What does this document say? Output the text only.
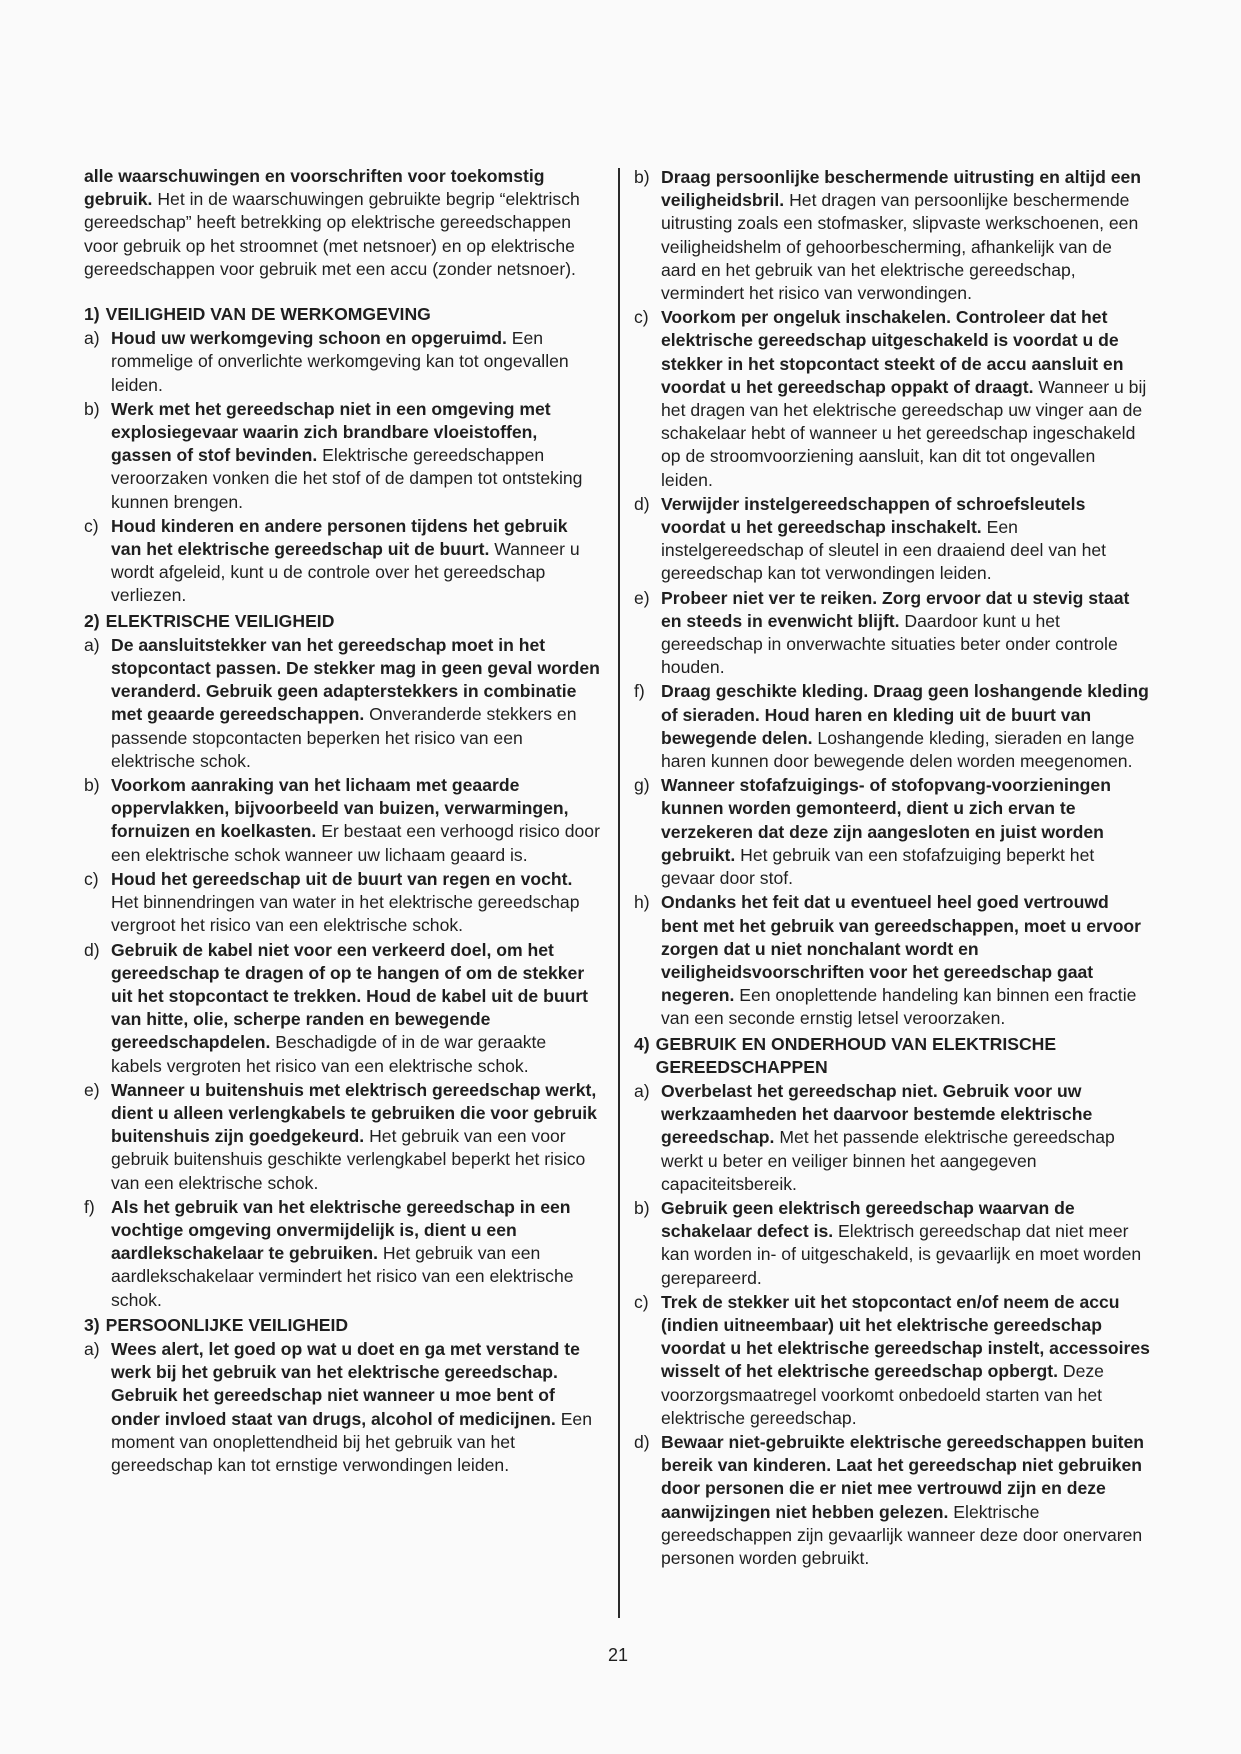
alle waarschuwingen en voorschriften voor toekomstig gebruik. Het in de waarschuwingen gebruikte begrip “elektrisch gereedschap” heeft betrekking op elektrische gereedschappen voor gebruik op het stroomnet (met netsnoer) en op elektrische gereedschappen voor gebruik met een accu (zonder netsnoer).

1) VEILIGHEID VAN DE WERKOMGEVING
a) Houd uw werkomgeving schoon en opgeruimd. Een rommelige of onverlichte werkomgeving kan tot ongevallen leiden.
b) Werk met het gereedschap niet in een omgeving met explosiegevaar waarin zich brandbare vloeistoffen, gassen of stof bevinden. Elektrische gereedschappen veroorzaken vonken die het stof of de dampen tot ontsteking kunnen brengen.
c) Houd kinderen en andere personen tijdens het gebruik van het elektrische gereedschap uit de buurt. Wanneer u wordt afgeleid, kunt u de controle over het gereedschap verliezen.
2) ELEKTRISCHE VEILIGHEID
a) De aansluitstekker van het gereedschap moet in het stopcontact passen. De stekker mag in geen geval worden veranderd. Gebruik geen adapterstekkers in combinatie met geaarde gereedschappen. Onveranderde stekkers en passende stopcontacten beperken het risico van een elektrische schok.
b) Voorkom aanraking van het lichaam met geaarde oppervlakken, bijvoorbeeld van buizen, verwarmingen, fornuizen en koelkasten. Er bestaat een verhoogd risico door een elektrische schok wanneer uw lichaam geaard is.
c) Houd het gereedschap uit de buurt van regen en vocht. Het binnendringen van water in het elektrische gereedschap vergroot het risico van een elektrische schok.
d) Gebruik de kabel niet voor een verkeerd doel, om het gereedschap te dragen of op te hangen of om de stekker uit het stopcontact te trekken. Houd de kabel uit de buurt van hitte, olie, scherpe randen en bewegende gereedschapdelen. Beschadigde of in de war geraakte kabels vergroten het risico van een elektrische schok.
e) Wanneer u buitenshuis met elektrisch gereedschap werkt, dient u alleen verlengkabels te gebruiken die voor gebruik buitenshuis zijn goedgekeurd. Het gebruik van een voor gebruik buitenshuis geschikte verlengkabel beperkt het risico van een elektrische schok.
f) Als het gebruik van het elektrische gereedschap in een vochtige omgeving onvermijdelijk is, dient u een aardlekschakelaar te gebruiken. Het gebruik van een aardlekschakelaar vermindert het risico van een elektrische schok.
3) PERSOONLIJKE VEILIGHEID
a) Wees alert, let goed op wat u doet en ga met verstand te werk bij het gebruik van het elektrische gereedschap. Gebruik het gereedschap niet wanneer u moe bent of onder invloed staat van drugs, alcohol of medicijnen. Een moment van onoplettendheid bij het gebruik van het gereedschap kan tot ernstige verwondingen leiden.
b) Draag persoonlijke beschermende uitrusting en altijd een veiligheidsbril. Het dragen van persoonlijke beschermende uitrusting zoals een stofmasker, slipvaste werkschoenen, een veiligheidshelm of gehoorbescherming, afhankelijk van de aard en het gebruik van het elektrische gereedschap, vermindert het risico van verwondingen.
c) Voorkom per ongeluk inschakelen. Controleer dat het elektrische gereedschap uitgeschakeld is voordat u de stekker in het stopcontact steekt of de accu aansluit en voordat u het gereedschap oppakt of draagt. Wanneer u bij het dragen van het elektrische gereedschap uw vinger aan de schakelaar hebt of wanneer u het gereedschap ingeschakeld op de stroomvoorziening aansluit, kan dit tot ongevallen leiden.
d) Verwijder instelgereedschappen of schroefsleutels voordat u het gereedschap inschakelt. Een instelgereedschap of sleutel in een draaiend deel van het gereedschap kan tot verwondingen leiden.
e) Probeer niet ver te reiken. Zorg ervoor dat u stevig staat en steeds in evenwicht blijft. Daardoor kunt u het gereedschap in onverwachte situaties beter onder controle houden.
f) Draag geschikte kleding. Draag geen loshangende kleding of sieraden. Houd haren en kleding uit de buurt van bewegende delen. Loshangende kleding, sieraden en lange haren kunnen door bewegende delen worden meegenomen.
g) Wanneer stofafzuigings- of stofopvang-voorzieningen kunnen worden gemonteerd, dient u zich ervan te verzekeren dat deze zijn aangesloten en juist worden gebruikt. Het gebruik van een stofafzuiging beperkt het gevaar door stof.
h) Ondanks het feit dat u eventueel heel goed vertrouwd bent met het gebruik van gereedschappen, moet u ervoor zorgen dat u niet nonchalant wordt en veiligheidsvoorschriften voor het gereedschap gaat negeren. Een onoplettende handeling kan binnen een fractie van een seconde ernstig letsel veroorzaken.
4) GEBRUIK EN ONDERHOUD VAN ELEKTRISCHE GEREEDSCHAPPEN
a) Overbelast het gereedschap niet. Gebruik voor uw werkzaamheden het daarvoor bestemde elektrische gereedschap. Met het passende elektrische gereedschap werkt u beter en veiliger binnen het aangegeven capaciteitsbereik.
b) Gebruik geen elektrisch gereedschap waarvan de schakelaar defect is. Elektrisch gereedschap dat niet meer kan worden in- of uitgeschakeld, is gevaarlijk en moet worden gerepareerd.
c) Trek de stekker uit het stopcontact en/of neem de accu (indien uitneembaar) uit het elektrische gereedschap voordat u het elektrische gereedschap instelt, accessoires wisselt of het elektrische gereedschap opbergt. Deze voorzorgsmaatregel voorkomt onbedoeld starten van het elektrische gereedschap.
d) Bewaar niet-gebruikte elektrische gereedschappen buiten bereik van kinderen. Laat het gereedschap niet gebruiken door personen die er niet mee vertrouwd zijn en deze aanwijzingen niet hebben gelezen. Elektrische gereedschappen zijn gevaarlijk wanneer deze door onervaren personen worden gebruikt.
21
